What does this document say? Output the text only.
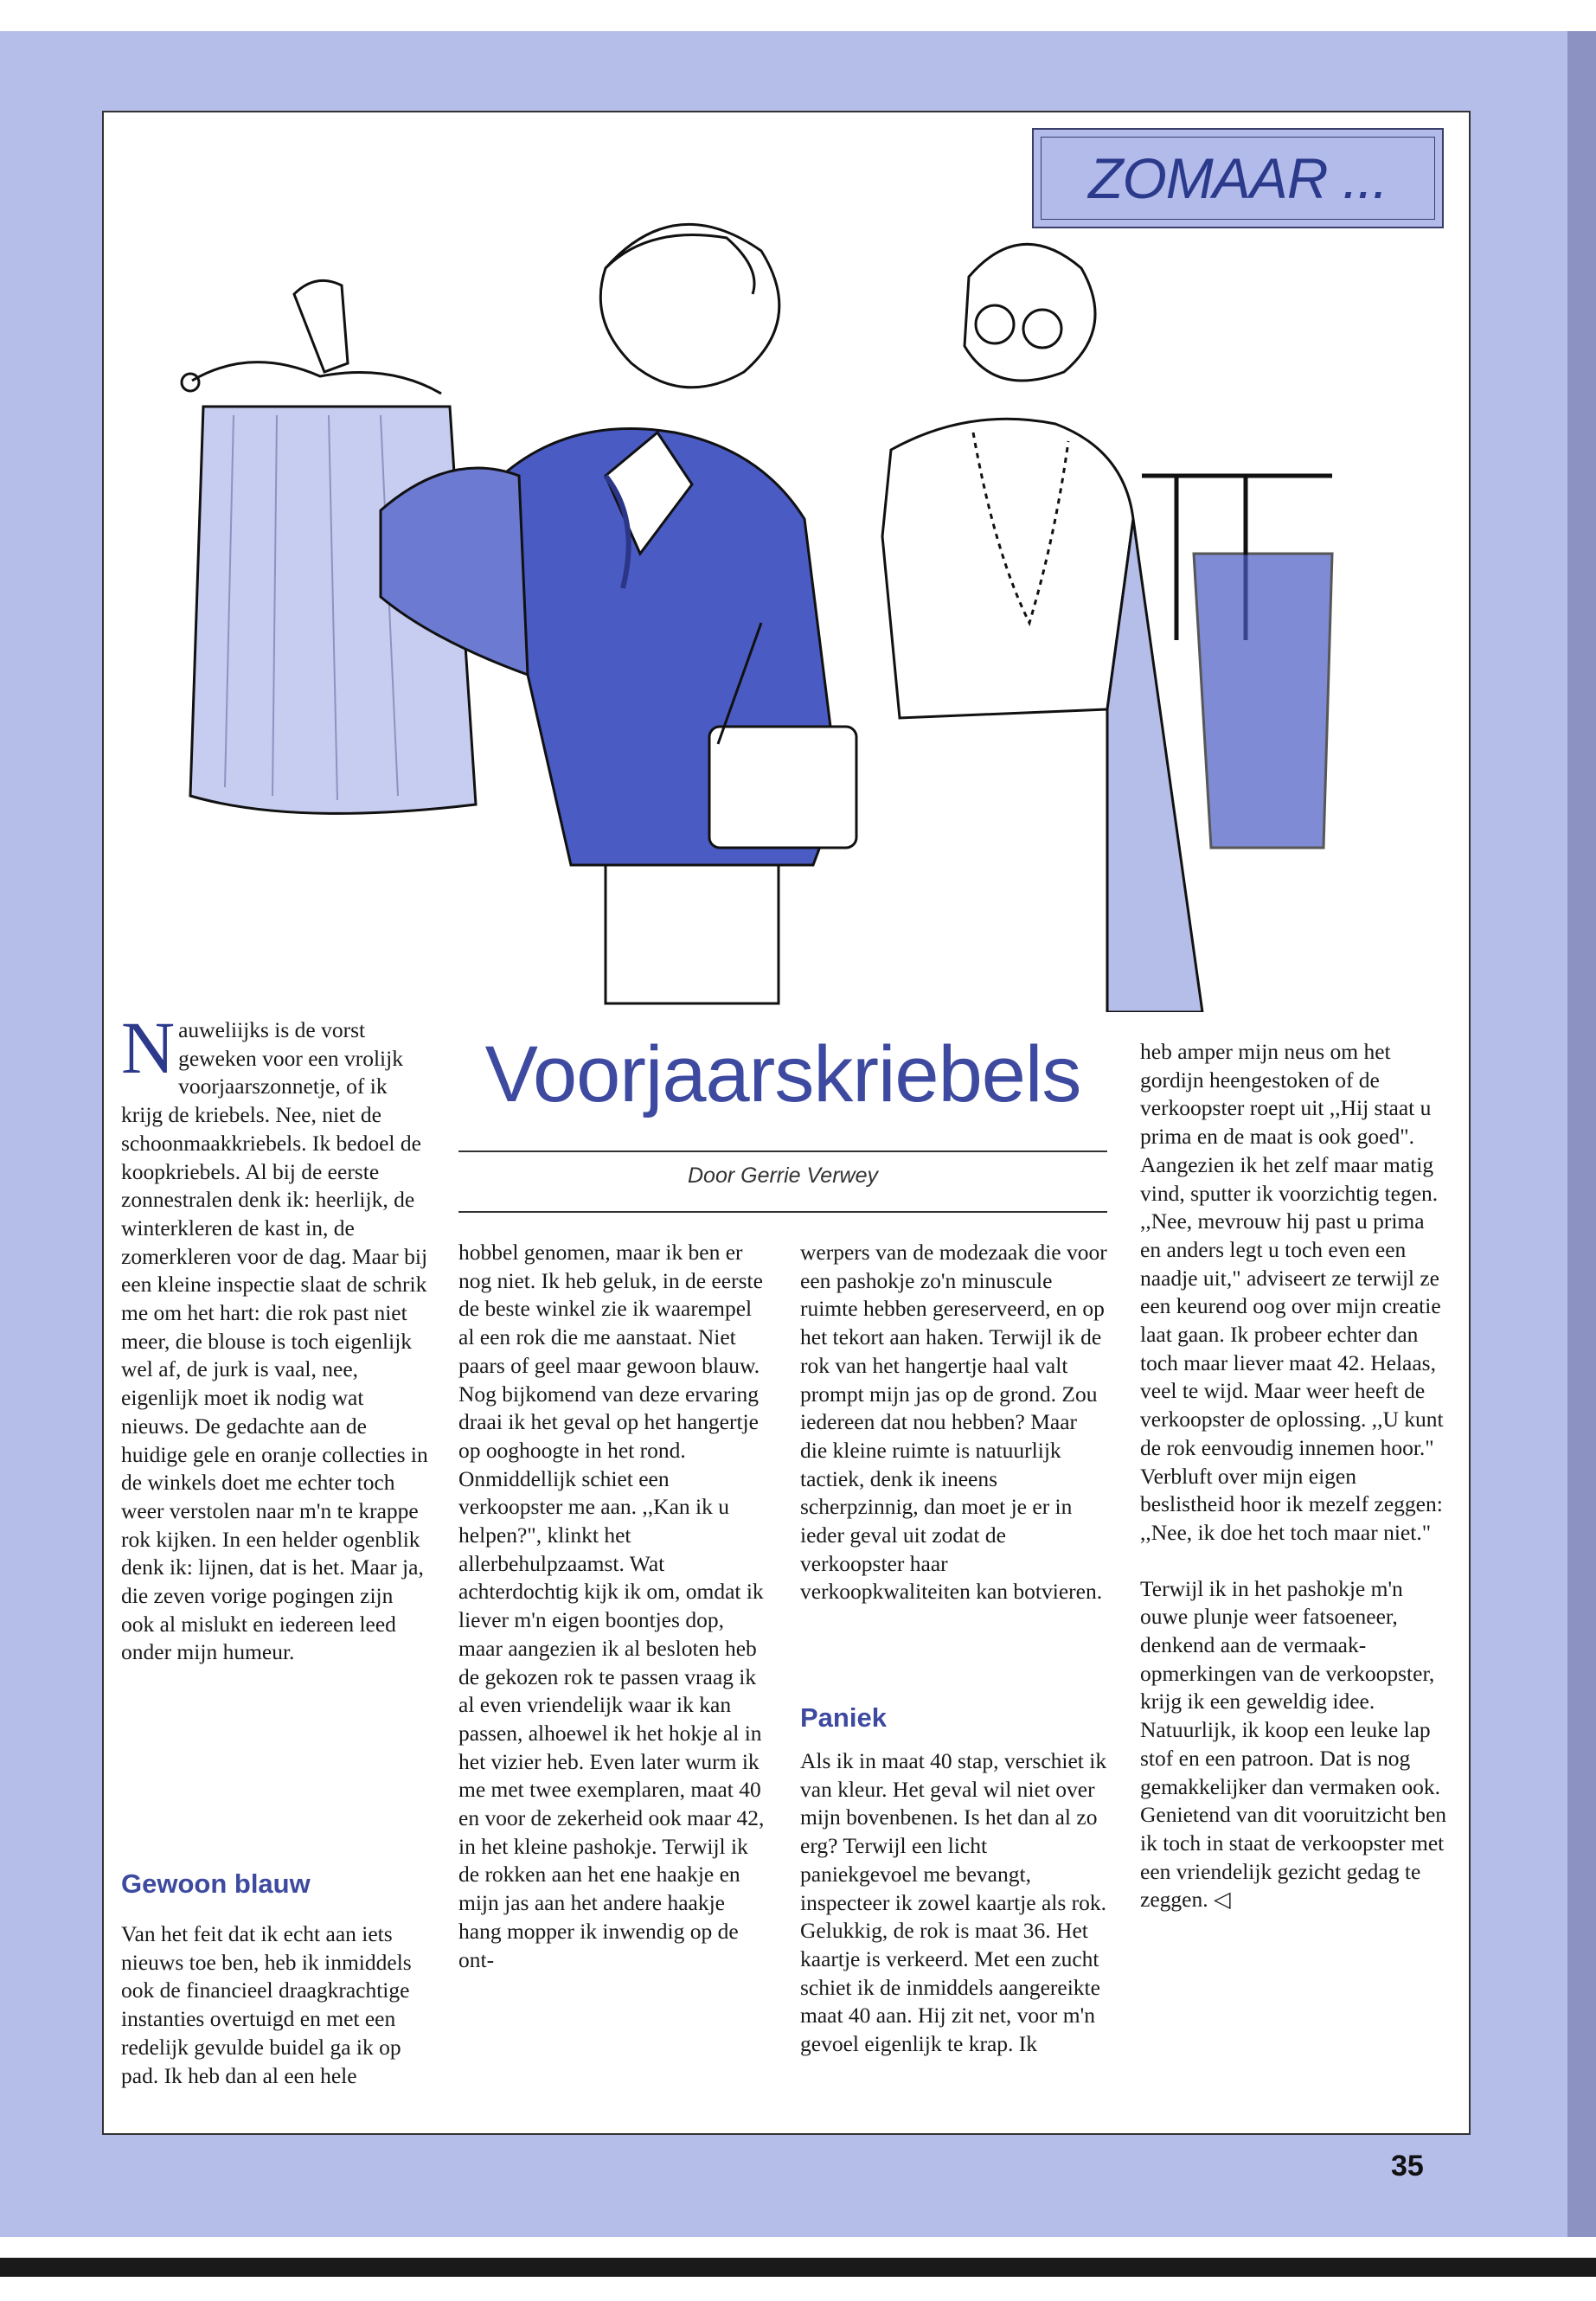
ZOMAAR ...
N auweliijks is de vorst geweken voor een vrolijk voorjaarszonnetje, of ik krijg de kriebels. Nee, niet de schoonmaakkriebels. Ik bedoel de koopkriebels. Al bij de eerste zonnestralen denk ik: heerlijk, de winterkleren de kast in, de zomerkleren voor de dag. Maar bij een kleine inspectie slaat de schrik me om het hart: die rok past niet meer, die blouse is toch eigenlijk wel af, de jurk is vaal, nee, eigenlijk moet ik nodig wat nieuws. De gedachte aan de huidige gele en oranje collecties in de winkels doet me echter toch weer verstolen naar m'n te krappe rok kijken. In een helder ogenblik denk ik: lijnen, dat is het. Maar ja, die zeven vorige pogingen zijn ook al mislukt en iedereen leed onder mijn humeur.

Gewoon blauw

Van het feit dat ik echt aan iets nieuws toe ben, heb ik inmiddels ook de financieel draagkrachtige instanties overtuigd en met een redelijk gevulde buidel ga ik op pad. Ik heb dan al een hele

Voorjaarskriebels
Door Gerrie Verwey

hobbel genomen, maar ik ben er nog niet. Ik heb geluk, in de eerste de beste winkel zie ik waarempel al een rok die me aanstaat. Niet paars of geel maar gewoon blauw. Nog bijkomend van deze ervaring draai ik het geval op het hangertje op ooghoogte in het rond. Onmiddellijk schiet een verkoopster me aan. ,,Kan ik u helpen?", klinkt het allerbehulpzaamst. Wat achterdochtig kijk ik om, omdat ik liever m'n eigen boontjes dop, maar aangezien ik al besloten heb de gekozen rok te passen vraag ik al even vriendelijk waar ik kan passen, alhoewel ik het hokje al in het vizier heb. Even later wurm ik me met twee exemplaren, maat 40 en voor de zekerheid ook maar 42, in het kleine pashokje. Terwijl ik de rokken aan het ene haakje en mijn jas aan het andere haakje hang mopper ik inwendig op de ont-

werpers van de modezaak die voor een pashokje zo'n minuscule ruimte hebben gereserveerd, en op het tekort aan haken. Terwijl ik de rok van het hangertje haal valt prompt mijn jas op de grond. Zou iedereen dat nou hebben? Maar die kleine ruimte is natuurlijk tactiek, denk ik ineens scherpzinnig, dan moet je er in ieder geval uit zodat de verkoopster haar verkoopkwaliteiten kan botvieren.

Paniek

Als ik in maat 40 stap, verschiet ik van kleur. Het geval wil niet over mijn bovenbenen. Is het dan al zo erg? Terwijl een licht paniekgevoel me bevangt, inspecteer ik zowel kaartje als rok. Gelukkig, de rok is maat 36. Het kaartje is verkeerd. Met een zucht schiet ik de inmiddels aangereikte maat 40 aan. Hij zit net, voor m'n gevoel eigenlijk te krap. Ik

heb amper mijn neus om het gordijn heengestoken of de verkoopster roept uit ,,Hij staat u prima en de maat is ook goed". Aangezien ik het zelf maar matig vind, sputter ik voorzichtig tegen. ,,Nee, mevrouw hij past u prima en anders legt u toch even een naadje uit," adviseert ze terwijl ze een keurend oog over mijn creatie laat gaan. Ik probeer echter dan toch maar liever maat 42. Helaas, veel te wijd. Maar weer heeft de verkoopster de oplossing. ,,U kunt de rok eenvoudig innemen hoor." Verbluft over mijn eigen beslistheid hoor ik mezelf zeggen: ,,Nee, ik doe het toch maar niet."

Terwijl ik in het pashokje m'n ouwe plunje weer fatsoeneer, denkend aan de vermaak-opmerkingen van de verkoopster, krijg ik een geweldig idee. Natuurlijk, ik koop een leuke lap stof en een patroon. Dat is nog gemakkelijker dan vermaken ook. Genietend van dit vooruitzicht ben ik toch in staat de verkoopster met een vriendelijk gezicht gedag te zeggen. ◁

35
